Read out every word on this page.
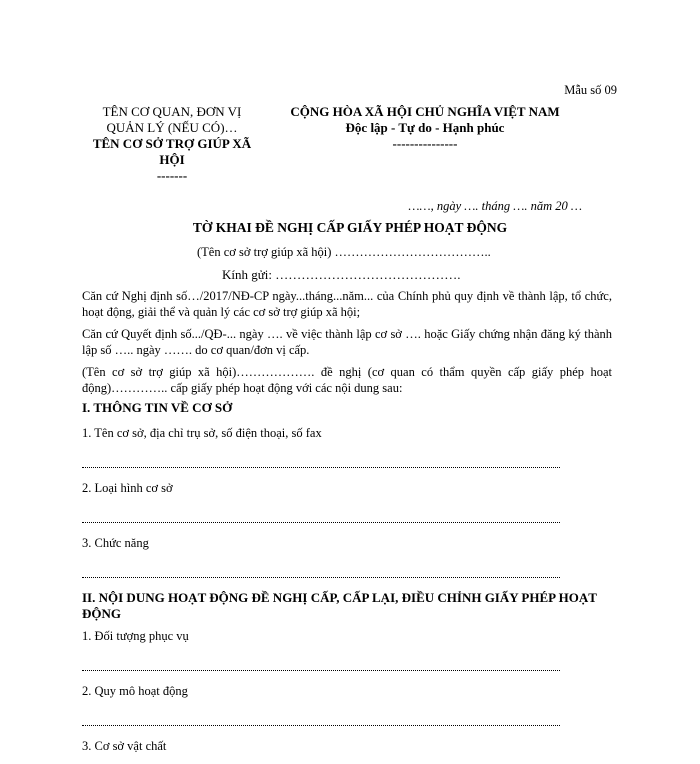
Mẫu số 09
TÊN CƠ QUAN, ĐƠN VỊ
QUẢN LÝ (NẾU CÓ)…
TÊN CƠ SỞ TRỢ GIÚP XÃ
HỘI
-------
CỘNG HÒA XÃ HỘI CHỦ NGHĨA VIỆT NAM
Độc lập - Tự do - Hạnh phúc
---------------
……, ngày …. tháng …. năm 20 …
TỜ KHAI ĐỀ NGHỊ CẤP GIẤY PHÉP HOẠT ĐỘNG
(Tên cơ sở trợ giúp xã hội) ………………………………..
Kính gửi: …………………………………….

Căn cứ Nghị định số…/2017/NĐ-CP ngày...tháng...năm... của Chính phủ quy định về thành lập, tổ chức, hoạt động, giải thể và quản lý các cơ sở trợ giúp xã hội;

Căn cứ Quyết định số.../QĐ-... ngày …. về việc thành lập cơ sở …. hoặc Giấy chứng nhận đăng ký thành lập số ….. ngày ……. do cơ quan/đơn vị cấp.

(Tên cơ sở trợ giúp xã hội)………………. đề nghị (cơ quan có thẩm quyền cấp giấy phép hoạt động)………….. cấp giấy phép hoạt động với các nội dung sau:

I. THÔNG TIN VỀ CƠ SỞ
1. Tên cơ sở, địa chỉ trụ sở, số điện thoại, số fax
2. Loại hình cơ sở
3. Chức năng
II. NỘI DUNG HOẠT ĐỘNG ĐỀ NGHỊ CẤP, CẤP LẠI, ĐIỀU CHỈNH GIẤY PHÉP HOẠT ĐỘNG
1. Đối tượng phục vụ
2. Quy mô hoạt động
3. Cơ sở vật chất
